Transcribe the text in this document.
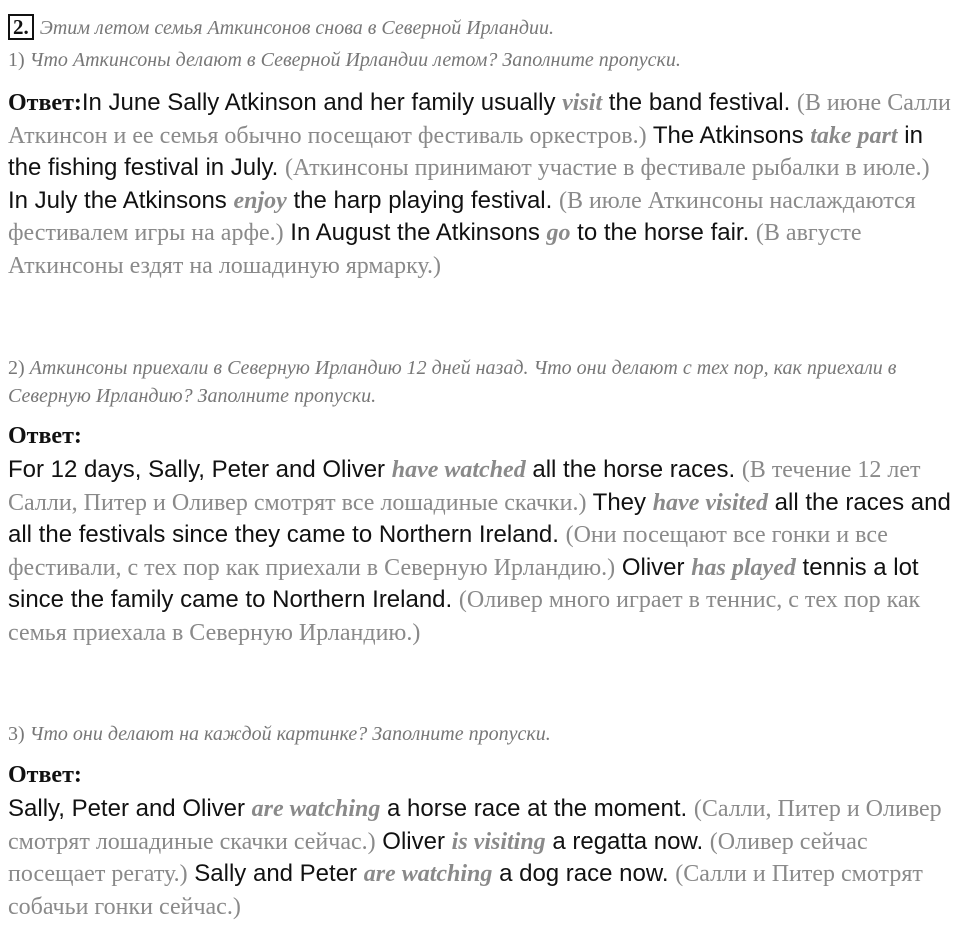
2. Этим летом семья Аткинсонов снова в Северной Ирландии.
1) Что Аткинсоны делают в Северной Ирландии летом? Заполните пропуски.
Ответ:In June Sally Atkinson and her family usually visit the band festival. (В июне Салли Аткинсон и ее семья обычно посещают фестиваль оркестров.) The Atkinsons take part in the fishing festival in July. (Аткинсоны принимают участие в фестивале рыбалки в июле.) In July the Atkinsons enjoy the harp playing festival. (В июле Аткинсоны наслаждаются фестивалем игры на арфе.) In August the Atkinsons go to the horse fair. (В августе Аткинсоны ездят на лошадиную ярмарку.)
2) Аткинсоны приехали в Северную Ирландию 12 дней назад. Что они делают с тех пор, как приехали в Северную Ирландию? Заполните пропуски.
Ответ:
For 12 days, Sally, Peter and Oliver have watched all the horse races. (В течение 12 лет Салли, Питер и Оливер смотрят все лошадиные скачки.) They have visited all the races and all the festivals since they came to Northern Ireland. (Они посещают все гонки и все фестивали, с тех пор как приехали в Северную Ирландию.) Oliver has played tennis a lot since the family came to Northern Ireland. (Оливер много играет в теннис, с тех пор как семья приехала в Северную Ирландию.)
3) Что они делают на каждой картинке? Заполните пропуски.
Ответ:
Sally, Peter and Oliver are watching a horse race at the moment. (Салли, Питер и Оливер смотрят лошадиные скачки сейчас.) Oliver is visiting a regatta now. (Оливер сейчас посещает регату.) Sally and Peter are watching a dog race now. (Салли и Питер смотрят собачьи гонки сейчас.)
